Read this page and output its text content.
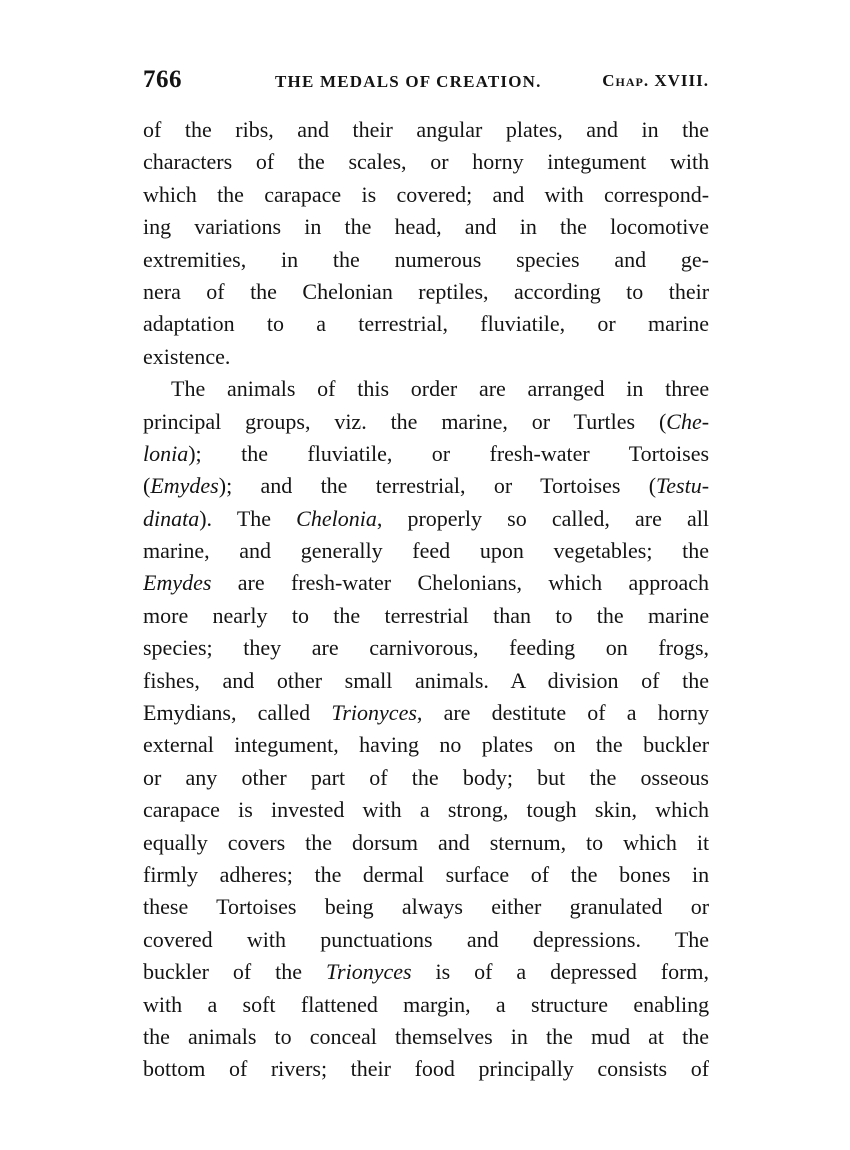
766	THE MEDALS OF CREATION.	Chap. XVIII.
of the ribs, and their angular plates, and in the
characters of the scales, or horny integument with
which the carapace is covered; and with correspond-
ing variations in the head, and in the locomotive
extremities, in the numerous species and ge-
nera of the Chelonian reptiles, according to their
adaptation to a terrestrial, fluviatile, or marine
existence.
The animals of this order are arranged in three
principal groups, viz. the marine, or Turtles (Che-
lonia); the fluviatile, or fresh-water Tortoises
(Emydes); and the terrestrial, or Tortoises (Testu-
dinata). The Chelonia, properly so called, are all
marine, and generally feed upon vegetables; the
Emydes are fresh-water Chelonians, which approach
more nearly to the terrestrial than to the marine
species; they are carnivorous, feeding on frogs,
fishes, and other small animals. A division of the
Emydians, called Trionyces, are destitute of a horny
external integument, having no plates on the buckler
or any other part of the body; but the osseous
carapace is invested with a strong, tough skin, which
equally covers the dorsum and sternum, to which it
firmly adheres; the dermal surface of the bones in
these Tortoises being always either granulated or
covered with punctuations and depressions. The
buckler of the Trionyces is of a depressed form,
with a soft flattened margin, a structure enabling
the animals to conceal themselves in the mud at the
bottom of rivers; their food principally consists of
